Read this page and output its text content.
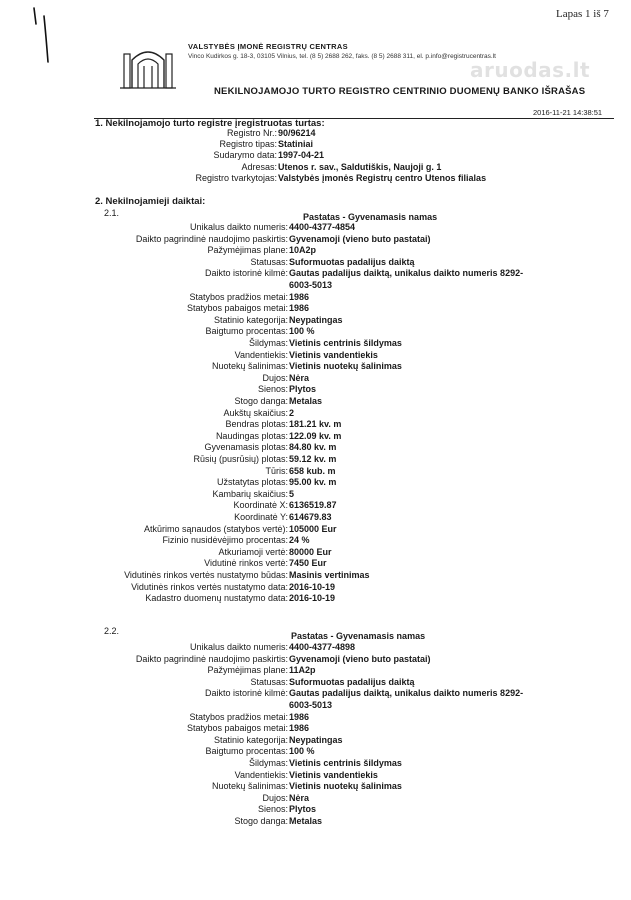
Lapas 1 iš 7
VALSTYBĖS ĮMONĖ REGISTRŲ CENTRAS
Vinco Kudirkos g. 18-3, 03105 Vilnius, tel. (8 5) 2688 262, faks. (8 5) 2688 311, el. p.info@registrucentras.lt
aruodas.lt
NEKILNOJAMOJO TURTO REGISTRO CENTRINIO DUOMENŲ BANKO IŠRAŠAS
2016-11-21 14:38:51
1. Nekilnojamojo turto registre įregistruotas turtas:
Registro Nr.: 90/96214
Registro tipas: Statiniai
Sudarymo data: 1997-04-21
Adresas: Utenos r. sav., Saldutiškis, Naujoji g. 1
Registro tvarkytojas: Valstybės įmonės Registrų centro Utenos filialas
2. Nekilnojamieji daiktai:
2.1.	Pastatas - Gyvenamasis namas
Unikalus daikto numeris: 4400-4377-4854
Daikto pagrindinė naudojimo paskirtis: Gyvenamoji (vieno buto pastatai)
Pažymėjimas plane: 10A2p
Statusas: Suformuotas padalijus daiktą
Daikto istorinė kilmė: Gautas padalijus daiktą, unikalus daikto numeris 8292-
6003-5013
Statybos pradžios metai: 1986
Statybos pabaigos metai: 1986
Statinio kategorija: Neypatingas
Baigtumo procentas: 100 %
Šildymas: Vietinis centrinis šildymas
Vandentiekis: Vietinis vandentiekis
Nuotekų šalinimas: Vietinis nuotekų šalinimas
Dujos: Nėra
Sienos: Plytos
Stogo danga: Metalas
Aukštų skaičius: 2
Bendras plotas: 181.21 kv. m
Naudingas plotas: 122.09 kv. m
Gyvenamasis plotas: 84.80 kv. m
Rūsių (pusrūsių) plotas: 59.12 kv. m
Tūris: 658 kub. m
Užstatytas plotas: 95.00 kv. m
Kambarių skaičius: 5
Koordinatė X: 6136519.87
Koordinatė Y: 614679.83
Atkūrimo sąnaudos (statybos vertė): 105000 Eur
Fizinio nusidėvėjimo procentas: 24 %
Atkuriamoji vertė: 80000 Eur
Vidutinė rinkos vertė: 7450 Eur
Vidutinės rinkos vertės nustatymo būdas: Masinis vertinimas
Vidutinės rinkos vertės nustatymo data: 2016-10-19
Kadastro duomenų nustatymo data: 2016-10-19
2.2.	Pastatas - Gyvenamasis namas
Unikalus daikto numeris: 4400-4377-4898
Daikto pagrindinė naudojimo paskirtis: Gyvenamoji (vieno buto pastatai)
Pažymėjimas plane: 11A2p
Statusas: Suformuotas padalijus daiktą
Daikto istorinė kilmė: Gautas padalijus daiktą, unikalus daikto numeris 8292-
6003-5013
Statybos pradžios metai: 1986
Statybos pabaigos metai: 1986
Statinio kategorija: Neypatingas
Baigtumo procentas: 100 %
Šildymas: Vietinis centrinis šildymas
Vandentiekis: Vietinis vandentiekis
Nuotekų šalinimas: Vietinis nuotekų šalinimas
Dujos: Nėra
Sienos: Plytos
Stogo danga: Metalas
